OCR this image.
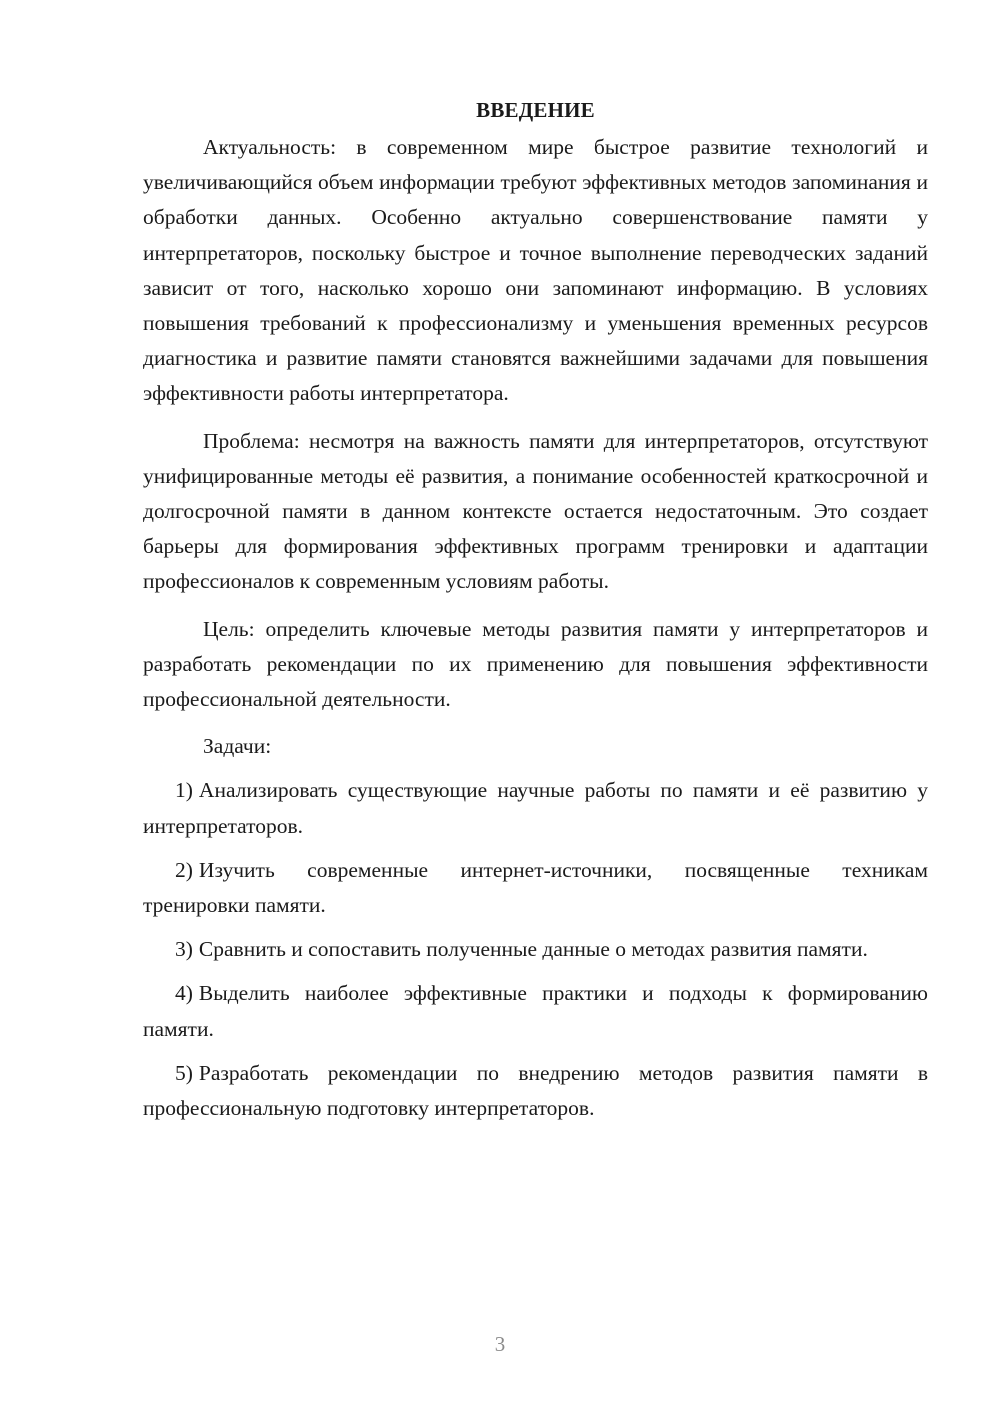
ВВЕДЕНИЕ

Актуальность: в современном мире быстрое развитие технологий и увеличивающийся объем информации требуют эффективных методов запоминания и обработки данных. Особенно актуально совершенствование памяти у интерпретаторов, поскольку быстрое и точное выполнение переводческих заданий зависит от того, насколько хорошо они запоминают информацию. В условиях повышения требований к профессионализму и уменьшения временных ресурсов диагностика и развитие памяти становятся важнейшими задачами для повышения эффективности работы интерпретатора.

Проблема: несмотря на важность памяти для интерпретаторов, отсутствуют унифицированные методы её развития, а понимание особенностей краткосрочной и долгосрочной памяти в данном контексте остается недостаточным. Это создает барьеры для формирования эффективных программ тренировки и адаптации профессионалов к современным условиям работы.

Цель: определить ключевые методы развития памяти у интерпретаторов и разработать рекомендации по их применению для повышения эффективности профессиональной деятельности.

Задачи:

1) Анализировать существующие научные работы по памяти и её развитию у интерпретаторов.

2) Изучить современные интернет-источники, посвященные техникам тренировки памяти.

3) Сравнить и сопоставить полученные данные о методах развития памяти.

4) Выделить наиболее эффективные практики и подходы к формированию памяти.

5) Разработать рекомендации по внедрению методов развития памяти в профессиональную подготовку интерпретаторов.

3
